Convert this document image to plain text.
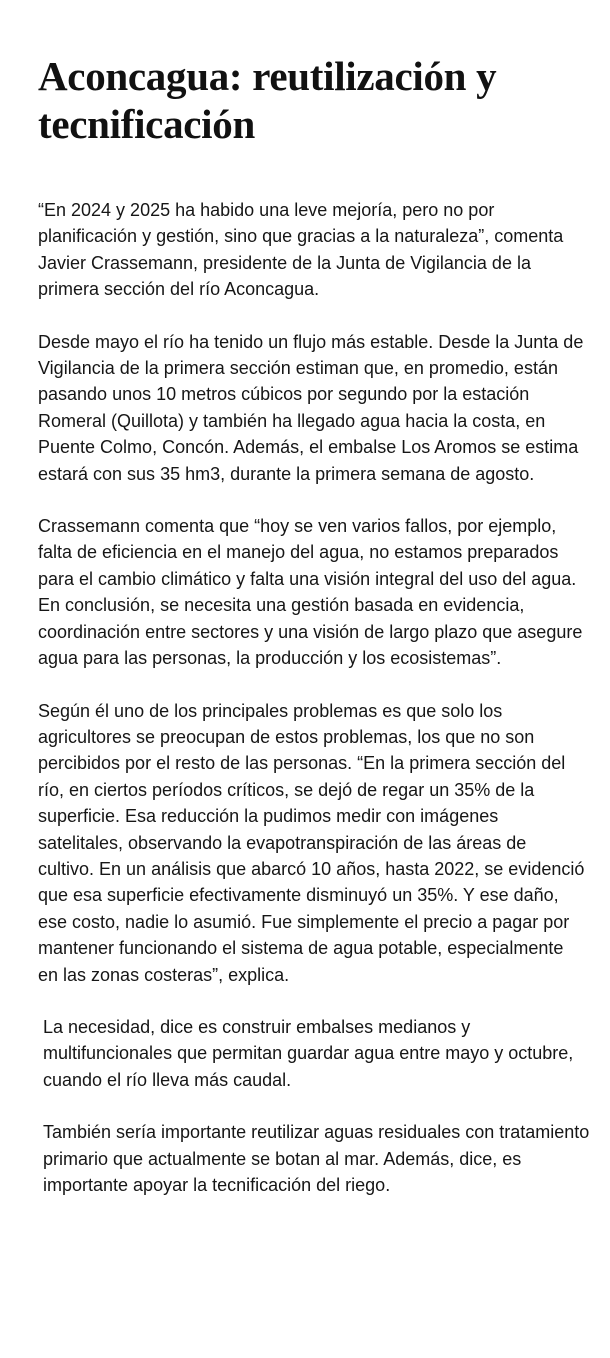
Aconcagua: reutilización y tecnificación

“En 2024 y 2025 ha habido una leve mejoría, pero no por planificación y gestión, sino que gracias a la naturaleza”, comenta Javier Crassemann, presidente de la Junta de Vigilancia de la primera sección del río Aconcagua.

Desde mayo el río ha tenido un flujo más estable. Desde la Junta de Vigilancia de la primera sección estiman que, en promedio, están pasando unos 10 metros cúbicos por segundo por la estación Romeral (Quillota) y también ha llegado agua hacia la costa, en Puente Colmo, Concón. Además, el embalse Los Aromos se estima estará con sus 35 hm3, durante la primera semana de agosto.

Crassemann comenta que “hoy se ven varios fallos, por ejemplo, falta de eficiencia en el manejo del agua, no estamos preparados para el cambio climático y falta una visión integral del uso del agua. En conclusión, se necesita una gestión basada en evidencia, coordinación entre sectores y una visión de largo plazo que asegure agua para las personas, la producción y los ecosistemas”.

Según él uno de los principales problemas es que solo los agricultores se preocupan de estos problemas, los que no son percibidos por el resto de las personas. “En la primera sección del río, en ciertos períodos críticos, se dejó de regar un 35% de la superficie. Esa reducción la pudimos medir con imágenes satelitales, observando la evapotranspiración de las áreas de cultivo. En un análisis que abarcó 10 años, hasta 2022, se evidenció que esa superficie efectivamente disminuyó un 35%. Y ese daño, ese costo, nadie lo asumió. Fue simplemente el precio a pagar por mantener funcionando el sistema de agua potable, especialmente en las zonas costeras”, explica.

La necesidad, dice es construir embalses medianos y multifuncionales que permitan guardar agua entre mayo y octubre, cuando el río lleva más caudal.

También sería importante reutilizar aguas residuales con tratamiento primario que actualmente se botan al mar. Además, dice, es importante apoyar la tecnificación del riego.
